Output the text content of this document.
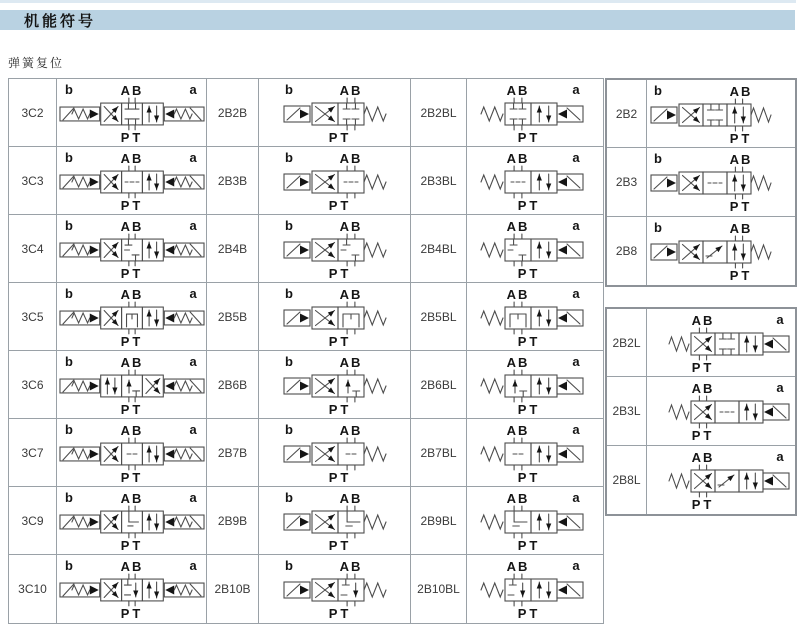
机能符号
弹簧复位
3C2
AB
PT
b	a
2B2B
b	AB
PT
2B2BL
AB
PT
a
3C3
AB
PT
b	a
2B3B
b	AB
PT
2B3BL
AB
PT
a
3C4
AB
PT
b	a
2B4B
b	AB
PT
2B4BL
AB
PT
a
3C5
AB
PT
b	a
2B5B
b	AB
PT
2B5BL
AB
PT
a
3C6
AB
PT
b	a
2B6B
b	AB
PT
2B6BL
AB
PT
a
3C7
AB
PT
b	a
2B7B
b	AB
PT
2B7BL
AB
PT
a
3C9
AB
PT
b	a
2B9B
b	AB
PT
2B9BL
AB
PT
a
3C10
AB
PT
b	a
2B10B
b	AB
PT
2B10BL
AB
PT
a
2B2
b	AB
PT
2B3
b	AB
PT
2B8
b	AB
PT
2B2L
AB
PT
a
2B3L
AB
PT
a
2B8L
AB
PT
a
